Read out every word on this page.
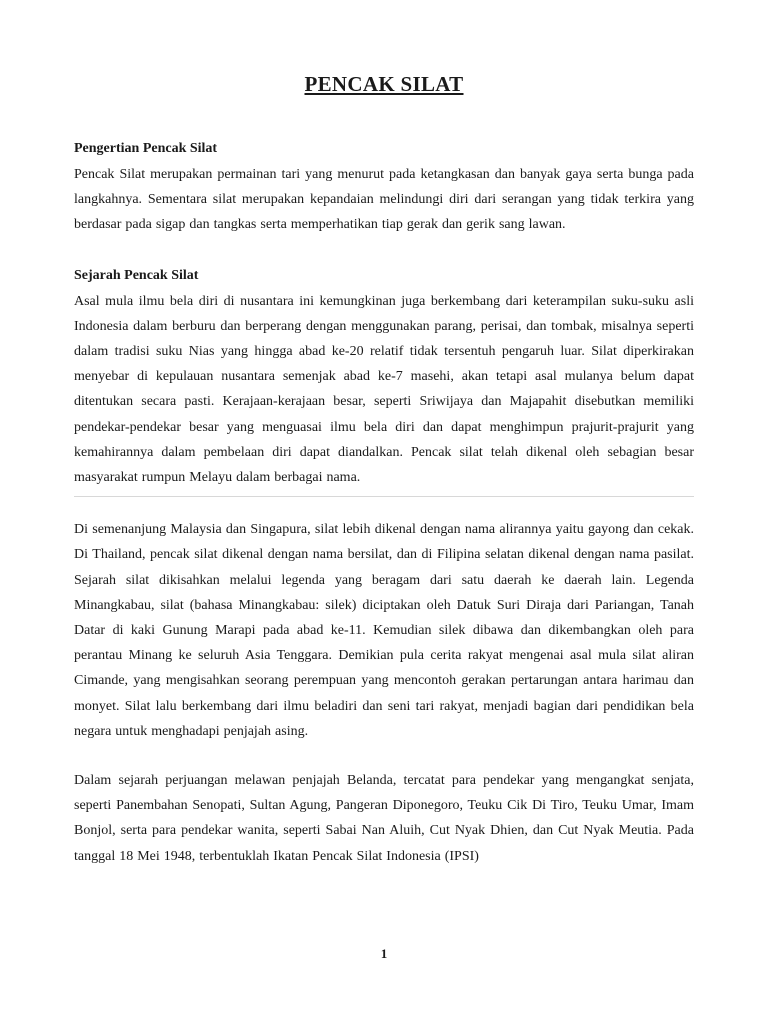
PENCAK SILAT

Pengertian Pencak Silat

Pencak Silat merupakan permainan tari yang menurut pada ketangkasan dan banyak gaya serta bunga pada langkahnya. Sementara silat merupakan kepandaian melindungi diri dari serangan yang tidak terkira yang berdasar pada sigap dan tangkas serta memperhatikan tiap gerak dan gerik sang lawan.

Sejarah Pencak Silat

Asal mula ilmu bela diri di nusantara ini kemungkinan juga berkembang dari keterampilan suku-suku asli Indonesia dalam berburu dan berperang dengan menggunakan parang, perisai, dan tombak, misalnya seperti dalam tradisi suku Nias yang hingga abad ke-20 relatif tidak tersentuh pengaruh luar. Silat diperkirakan menyebar di kepulauan nusantara semenjak abad ke-7 masehi, akan tetapi asal mulanya belum dapat ditentukan secara pasti. Kerajaan-kerajaan besar, seperti Sriwijaya dan Majapahit disebutkan memiliki pendekar-pendekar besar yang menguasai ilmu bela diri dan dapat menghimpun prajurit-prajurit yang kemahirannya dalam pembelaan diri dapat diandalkan. Pencak silat telah dikenal oleh sebagian besar masyarakat rumpun Melayu dalam berbagai nama.

Di semenanjung Malaysia dan Singapura, silat lebih dikenal dengan nama alirannya yaitu gayong dan cekak. Di Thailand, pencak silat dikenal dengan nama bersilat, dan di Filipina selatan dikenal dengan nama pasilat. Sejarah silat dikisahkan melalui legenda yang beragam dari satu daerah ke daerah lain. Legenda Minangkabau, silat (bahasa Minangkabau: silek) diciptakan oleh Datuk Suri Diraja dari Pariangan, Tanah Datar di kaki Gunung Marapi pada abad ke-11. Kemudian silek dibawa dan dikembangkan oleh para perantau Minang ke seluruh Asia Tenggara. Demikian pula cerita rakyat mengenai asal mula silat aliran Cimande, yang mengisahkan seorang perempuan yang mencontoh gerakan pertarungan antara harimau dan monyet. Silat lalu berkembang dari ilmu beladiri dan seni tari rakyat, menjadi bagian dari pendidikan bela negara untuk menghadapi penjajah asing.

Dalam sejarah perjuangan melawan penjajah Belanda, tercatat para pendekar yang mengangkat senjata, seperti Panembahan Senopati, Sultan Agung, Pangeran Diponegoro, Teuku Cik Di Tiro, Teuku Umar, Imam Bonjol, serta para pendekar wanita, seperti Sabai Nan Aluih, Cut Nyak Dhien, dan Cut Nyak Meutia. Pada tanggal 18 Mei 1948, terbentuklah Ikatan Pencak Silat Indonesia (IPSI)

1
